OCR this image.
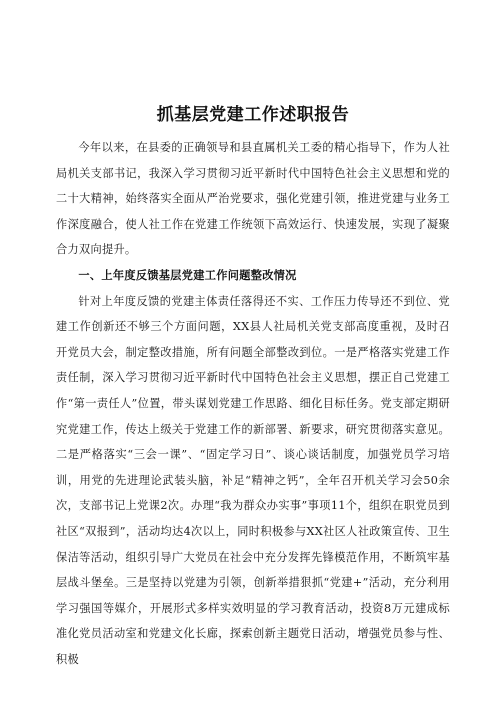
抓基层党建工作述职报告

今年以来，在县委的正确领导和县直属机关工委的精心指导下，作为人社局机关支部书记，我深入学习贯彻习近平新时代中国特色社会主义思想和党的二十大精神，始终落实全面从严治党要求，强化党建引领，推进党建与业务工作深度融合，使人社工作在党建工作统领下高效运行、快速发展，实现了凝聚合力双向提升。

一、上年度反馈基层党建工作问题整改情况

针对上年度反馈的党建主体责任落得还不实、工作压力传导还不到位、党建工作创新还不够三个方面问题，XX县人社局机关党支部高度重视，及时召开党员大会，制定整改措施，所有问题全部整改到位。一是严格落实党建工作责任制，深入学习贯彻习近平新时代中国特色社会主义思想，摆正自己党建工作“第一责任人”位置，带头谋划党建工作思路、细化目标任务。党支部定期研究党建工作，传达上级关于党建工作的新部署、新要求，研究贯彻落实意见。二是严格落实“三会一课”、“固定学习日”、谈心谈话制度，加强党员学习培训，用党的先进理论武装头脑，补足“精神之钙”，全年召开机关学习会50余次，支部书记上党课2次。办理“我为群众办实事”事项11个，组织在职党员到社区“双报到”，活动均达4次以上，同时积极参与XX社区人社政策宣传、卫生保洁等活动，组织引导广大党员在社会中充分发挥先锋模范作用，不断筑牢基层战斗堡垒。三是坚持以党建为引领，创新举措狠抓“党建+”活动，充分利用学习强国等媒介，开展形式多样实效明显的学习教育活动，投资8万元建成标准化党员活动室和党建文化长廊，探索创新主题党日活动，增强党员参与性、积极
